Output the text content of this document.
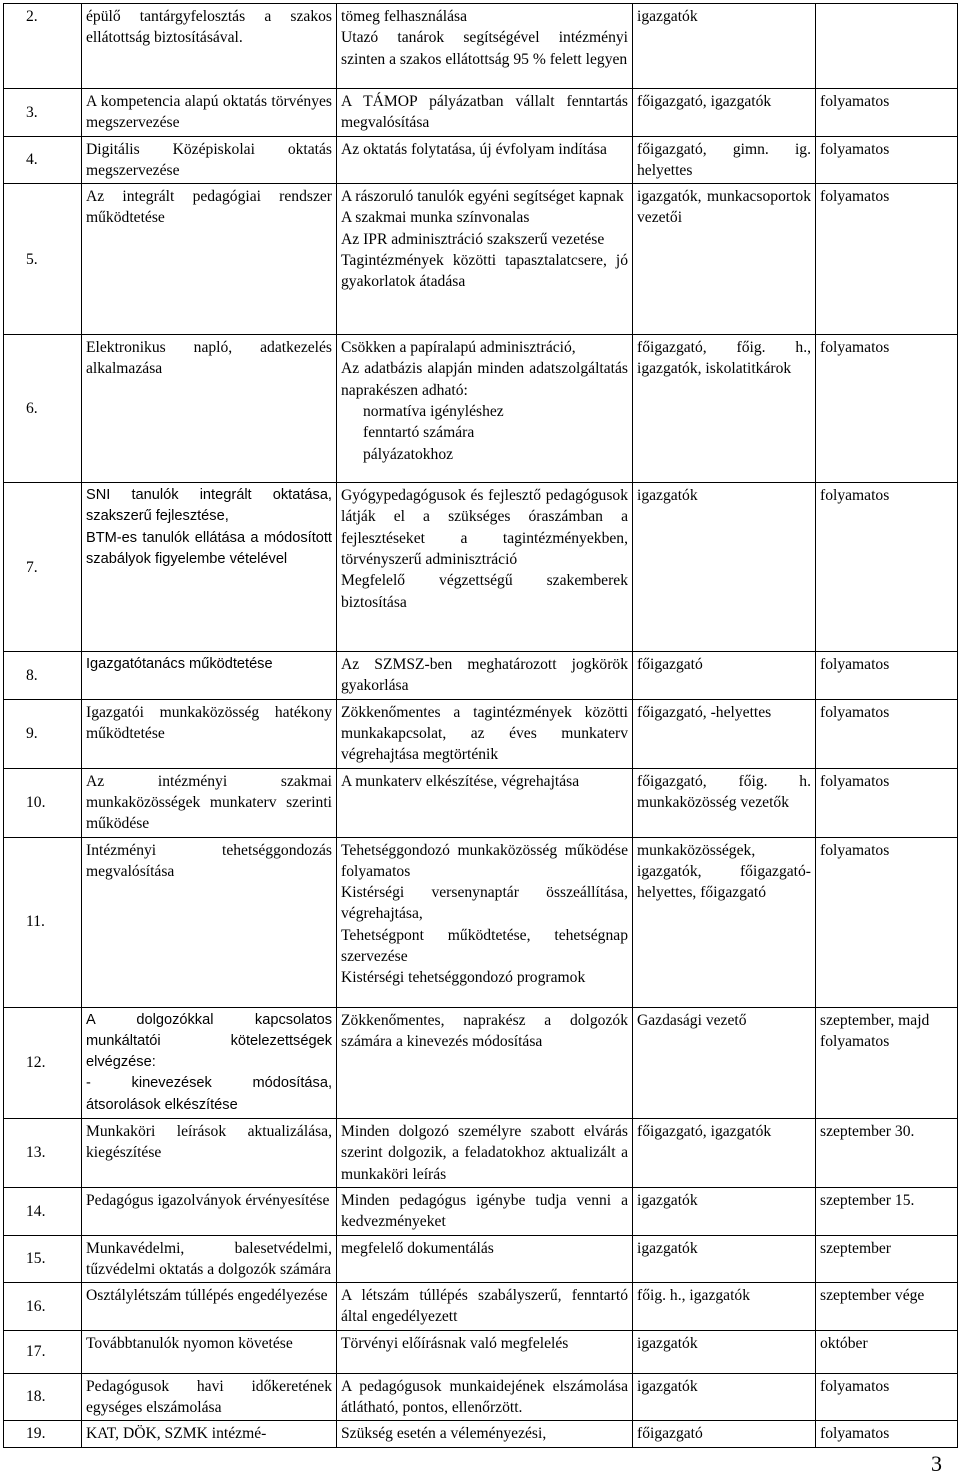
2.	épülő tantárgyfelosztás a szakos ellátottság biztosításával.	tömeg felhasználása
Utazó tanárok segítségével intézményi szinten a szakos ellátottság 95 % felett legyen	igazgatók	
3.	A kompetencia alapú oktatás törvényes megszervezése	A TÁMOP pályázatban vállalt fenntartás megvalósítása	főigazgató, igazgatók	folyamatos
4.	Digitális Középiskolai oktatás megszervezése	Az oktatás folytatása, új évfolyam indítása	főigazgató, gimn. ig. helyettes	folyamatos
5.	Az integrált pedagógiai rendszer működtetése	A rászoruló tanulók egyéni segítséget kapnak
A szakmai munka színvonalas
Az IPR adminisztráció szakszerű vezetése
Tagintézmények közötti tapasztalatcsere, jó gyakorlatok átadása	igazgatók, munkacsoportok vezetői	folyamatos
6.	Elektronikus napló, adatkezelés alkalmazása	Csökken a papíralapú adminisztráció,
Az adatbázis alapján minden adatszolgáltatás naprakészen adható:
normatíva igényléshez
fenntartó számára
pályázatokhoz	főigazgató, főig. h., igazgatók, iskolatitkárok	folyamatos
7.	SNI tanulók integrált oktatása, szakszerű fejlesztése,
BTM-es tanulók ellátása a módosított szabályok figyelembe vételével	Gyógypedagógusok és fejlesztő pedagógusok látják el a szükséges óraszámban a fejlesztéseket a tagintézményekben, törvényszerű adminisztráció
Megfelelő végzettségű szakemberek biztosítása	igazgatók	folyamatos
8.	Igazgatótanács működtetése	Az SZMSZ-ben meghatározott jogkörök gyakorlása	főigazgató	folyamatos
9.	Igazgatói munkaközösség hatékony működtetése	Zökkenőmentes a tagintézmények közötti munkakapcsolat, az éves munkaterv végrehajtása megtörténik	főigazgató, -helyettes	folyamatos
10.	Az intézményi szakmai munkaközösségek munkaterv szerinti működése	A munkaterv elkészítése, végrehajtása	főigazgató, főig. h. munkaközösség vezetők	folyamatos
11.	Intézményi tehetséggondozás megvalósítása	Tehetséggondozó munkaközösség működése folyamatos
Kistérségi versenynaptár összeállítása, végrehajtása,
Tehetségpont működtetése, tehetségnap szervezése
Kistérségi tehetséggondozó programok	munkaközösségek, igazgatók, főigazgató-helyettes, főigazgató	folyamatos
12.	A dolgozókkal kapcsolatos munkáltatói kötelezettségek elvégzése:
- kinevezések módosítása, átsorolások elkészítése	Zökkenőmentes, naprakész a dolgozók számára a kinevezés módosítása	Gazdasági vezető	szeptember, majd folyamatos
13.	Munkaköri leírások aktualizálása, kiegészítése	Minden dolgozó személyre szabott elvárás szerint dolgozik, a feladatokhoz aktualizált a munkaköri leírás	főigazgató, igazgatók	szeptember 30.
14.	Pedagógus igazolványok érvényesítése	Minden pedagógus igénybe tudja venni a kedvezményeket	igazgatók	szeptember 15.
15.	Munkavédelmi, balesetvédelmi, tűzvédelmi oktatás a dolgozók számára	megfelelő dokumentálás	igazgatók	szeptember
16.	Osztálylétszám túllépés engedélyezése	A létszám túllépés szabályszerű, fenntartó által engedélyezett	főig. h., igazgatók	szeptember vége
17.	Továbbtanulók nyomon követése	Törvényi előírásnak való megfelelés	igazgatók	október
18.	Pedagógusok havi időkeretének egységes elszámolása	A pedagógusok munkaidejének elszámolása átlátható, pontos, ellenőrzött.	igazgatók	folyamatos
19.	KAT, DÖK, SZMK intézmé-	Szükség esetén a véleményezési,	főigazgató	folyamatos
3
